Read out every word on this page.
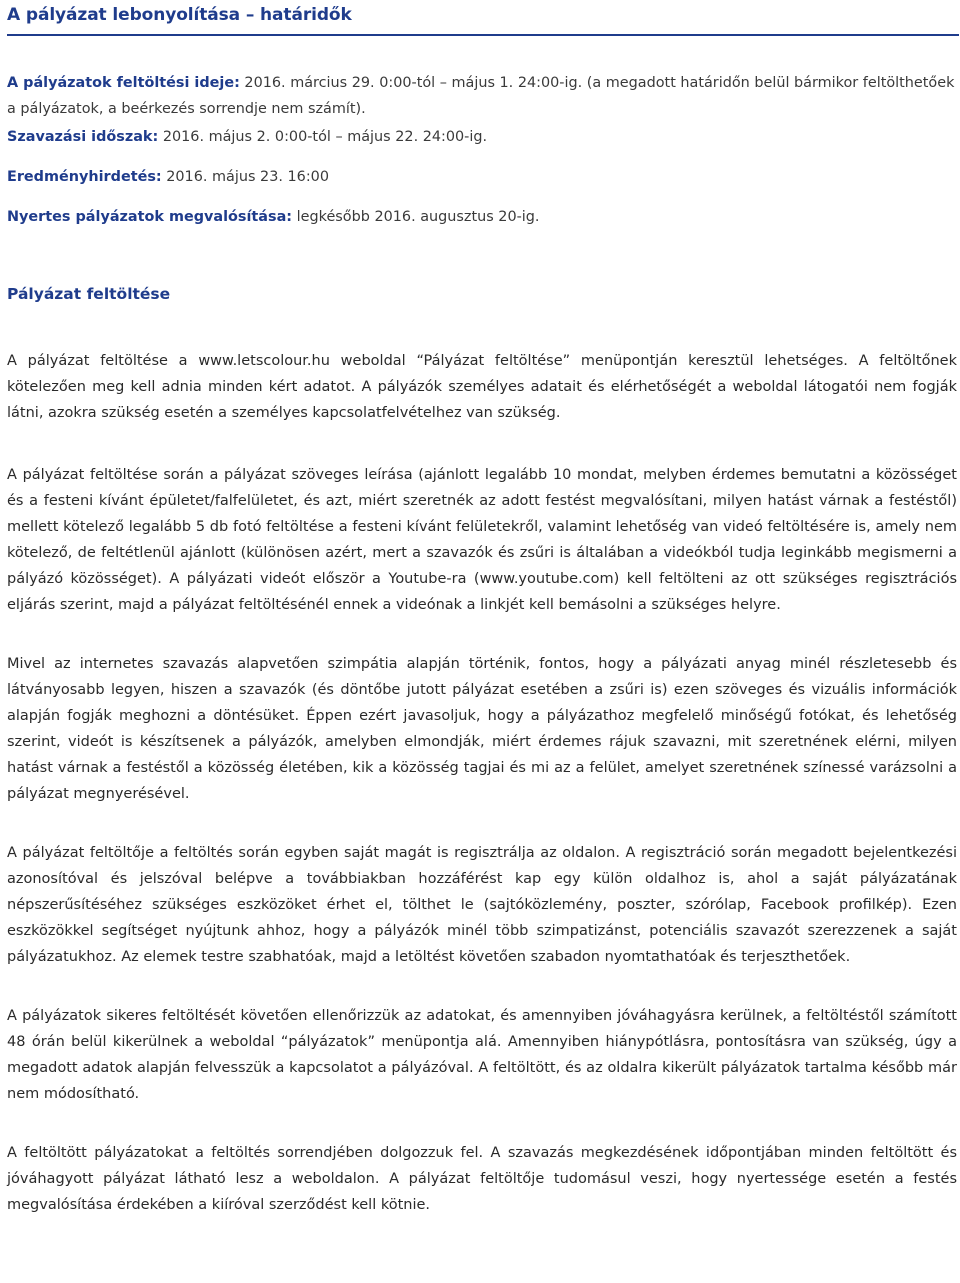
A pályázat lebonyolítása – határidők

A pályázatok feltöltési ideje: 2016. március 29. 0:00-tól – május 1. 24:00-ig. (a megadott határidőn belül bármikor feltölthetőek a pályázatok, a beérkezés sorrendje nem számít).

Szavazási időszak: 2016. május 2. 0:00-tól – május 22. 24:00-ig.

Eredményhirdetés: 2016. május 23. 16:00

Nyertes pályázatok megvalósítása: legkésőbb 2016. augusztus 20-ig.

Pályázat feltöltése

A pályázat feltöltése a www.letscolour.hu weboldal “Pályázat feltöltése” menüpontján keresztül lehetséges. A feltöltőnek kötelezően meg kell adnia minden kért adatot. A pályázók személyes adatait és elérhetőségét a weboldal látogatói nem fogják látni, azokra szükség esetén a személyes kapcsolatfelvételhez van szükség.

A pályázat feltöltése során a pályázat szöveges leírása (ajánlott legalább 10 mondat, melyben érdemes bemutatni a közösséget és a festeni kívánt épületet/falfelületet, és azt, miért szeretnék az adott festést megvalósítani, milyen hatást várnak a festéstől) mellett kötelező legalább 5 db fotó feltöltése a festeni kívánt felületekről, valamint lehetőség van videó feltöltésére is, amely nem kötelező, de feltétlenül ajánlott (különösen azért, mert a szavazók és zsűri is általában a videókból tudja leginkább megismerni a pályázó közösséget). A pályázati videót először a Youtube-ra (www.youtube.com) kell feltölteni az ott szükséges regisztrációs eljárás szerint, majd a pályázat feltöltésénél ennek a videónak a linkjét kell bemásolni a szükséges helyre.

Mivel az internetes szavazás alapvetően szimpátia alapján történik, fontos, hogy a pályázati anyag minél részletesebb és látványosabb legyen, hiszen a szavazók (és döntőbe jutott pályázat esetében a zsűri is) ezen szöveges és vizuális információk alapján fogják meghozni a döntésüket. Éppen ezért javasoljuk, hogy a pályázathoz megfelelő minőségű fotókat, és lehetőség szerint, videót is készítsenek a pályázók, amelyben elmondják, miért érdemes rájuk szavazni, mit szeretnének elérni, milyen hatást várnak a festéstől a közösség életében, kik a közösség tagjai és mi az a felület, amelyet szeretnének színessé varázsolni a pályázat megnyerésével.

A pályázat feltöltője a feltöltés során egyben saját magát is regisztrálja az oldalon. A regisztráció során megadott bejelentkezési azonosítóval és jelszóval belépve a továbbiakban hozzáférést kap egy külön oldalhoz is, ahol a saját pályázatának népszerűsítéséhez szükséges eszközöket érhet el, tölthet le (sajtóközlemény, poszter, szórólap, Facebook profilkép). Ezen eszközökkel segítséget nyújtunk ahhoz, hogy a pályázók minél több szimpatizánst, potenciális szavazót szerezzenek a saját pályázatukhoz. Az elemek testre szabhatóak, majd a letöltést követően szabadon nyomtathatóak és terjeszthetőek.

A pályázatok sikeres feltöltését követően ellenőrizzük az adatokat, és amennyiben jóváhagyásra kerülnek, a feltöltéstől számított 48 órán belül kikerülnek a weboldal “pályázatok” menüpontja alá. Amennyiben hiánypótlásra, pontosításra van szükség, úgy a megadott adatok alapján felvesszük a kapcsolatot a pályázóval. A feltöltött, és az oldalra kikerült pályázatok tartalma később már nem módosítható.

A feltöltött pályázatokat a feltöltés sorrendjében dolgozzuk fel. A szavazás megkezdésének időpontjában minden feltöltött és jóváhagyott pályázat látható lesz a weboldalon. A pályázat feltöltője tudomásul veszi, hogy nyertessége esetén a festés megvalósítása érdekében a kiíróval szerződést kell kötnie.
